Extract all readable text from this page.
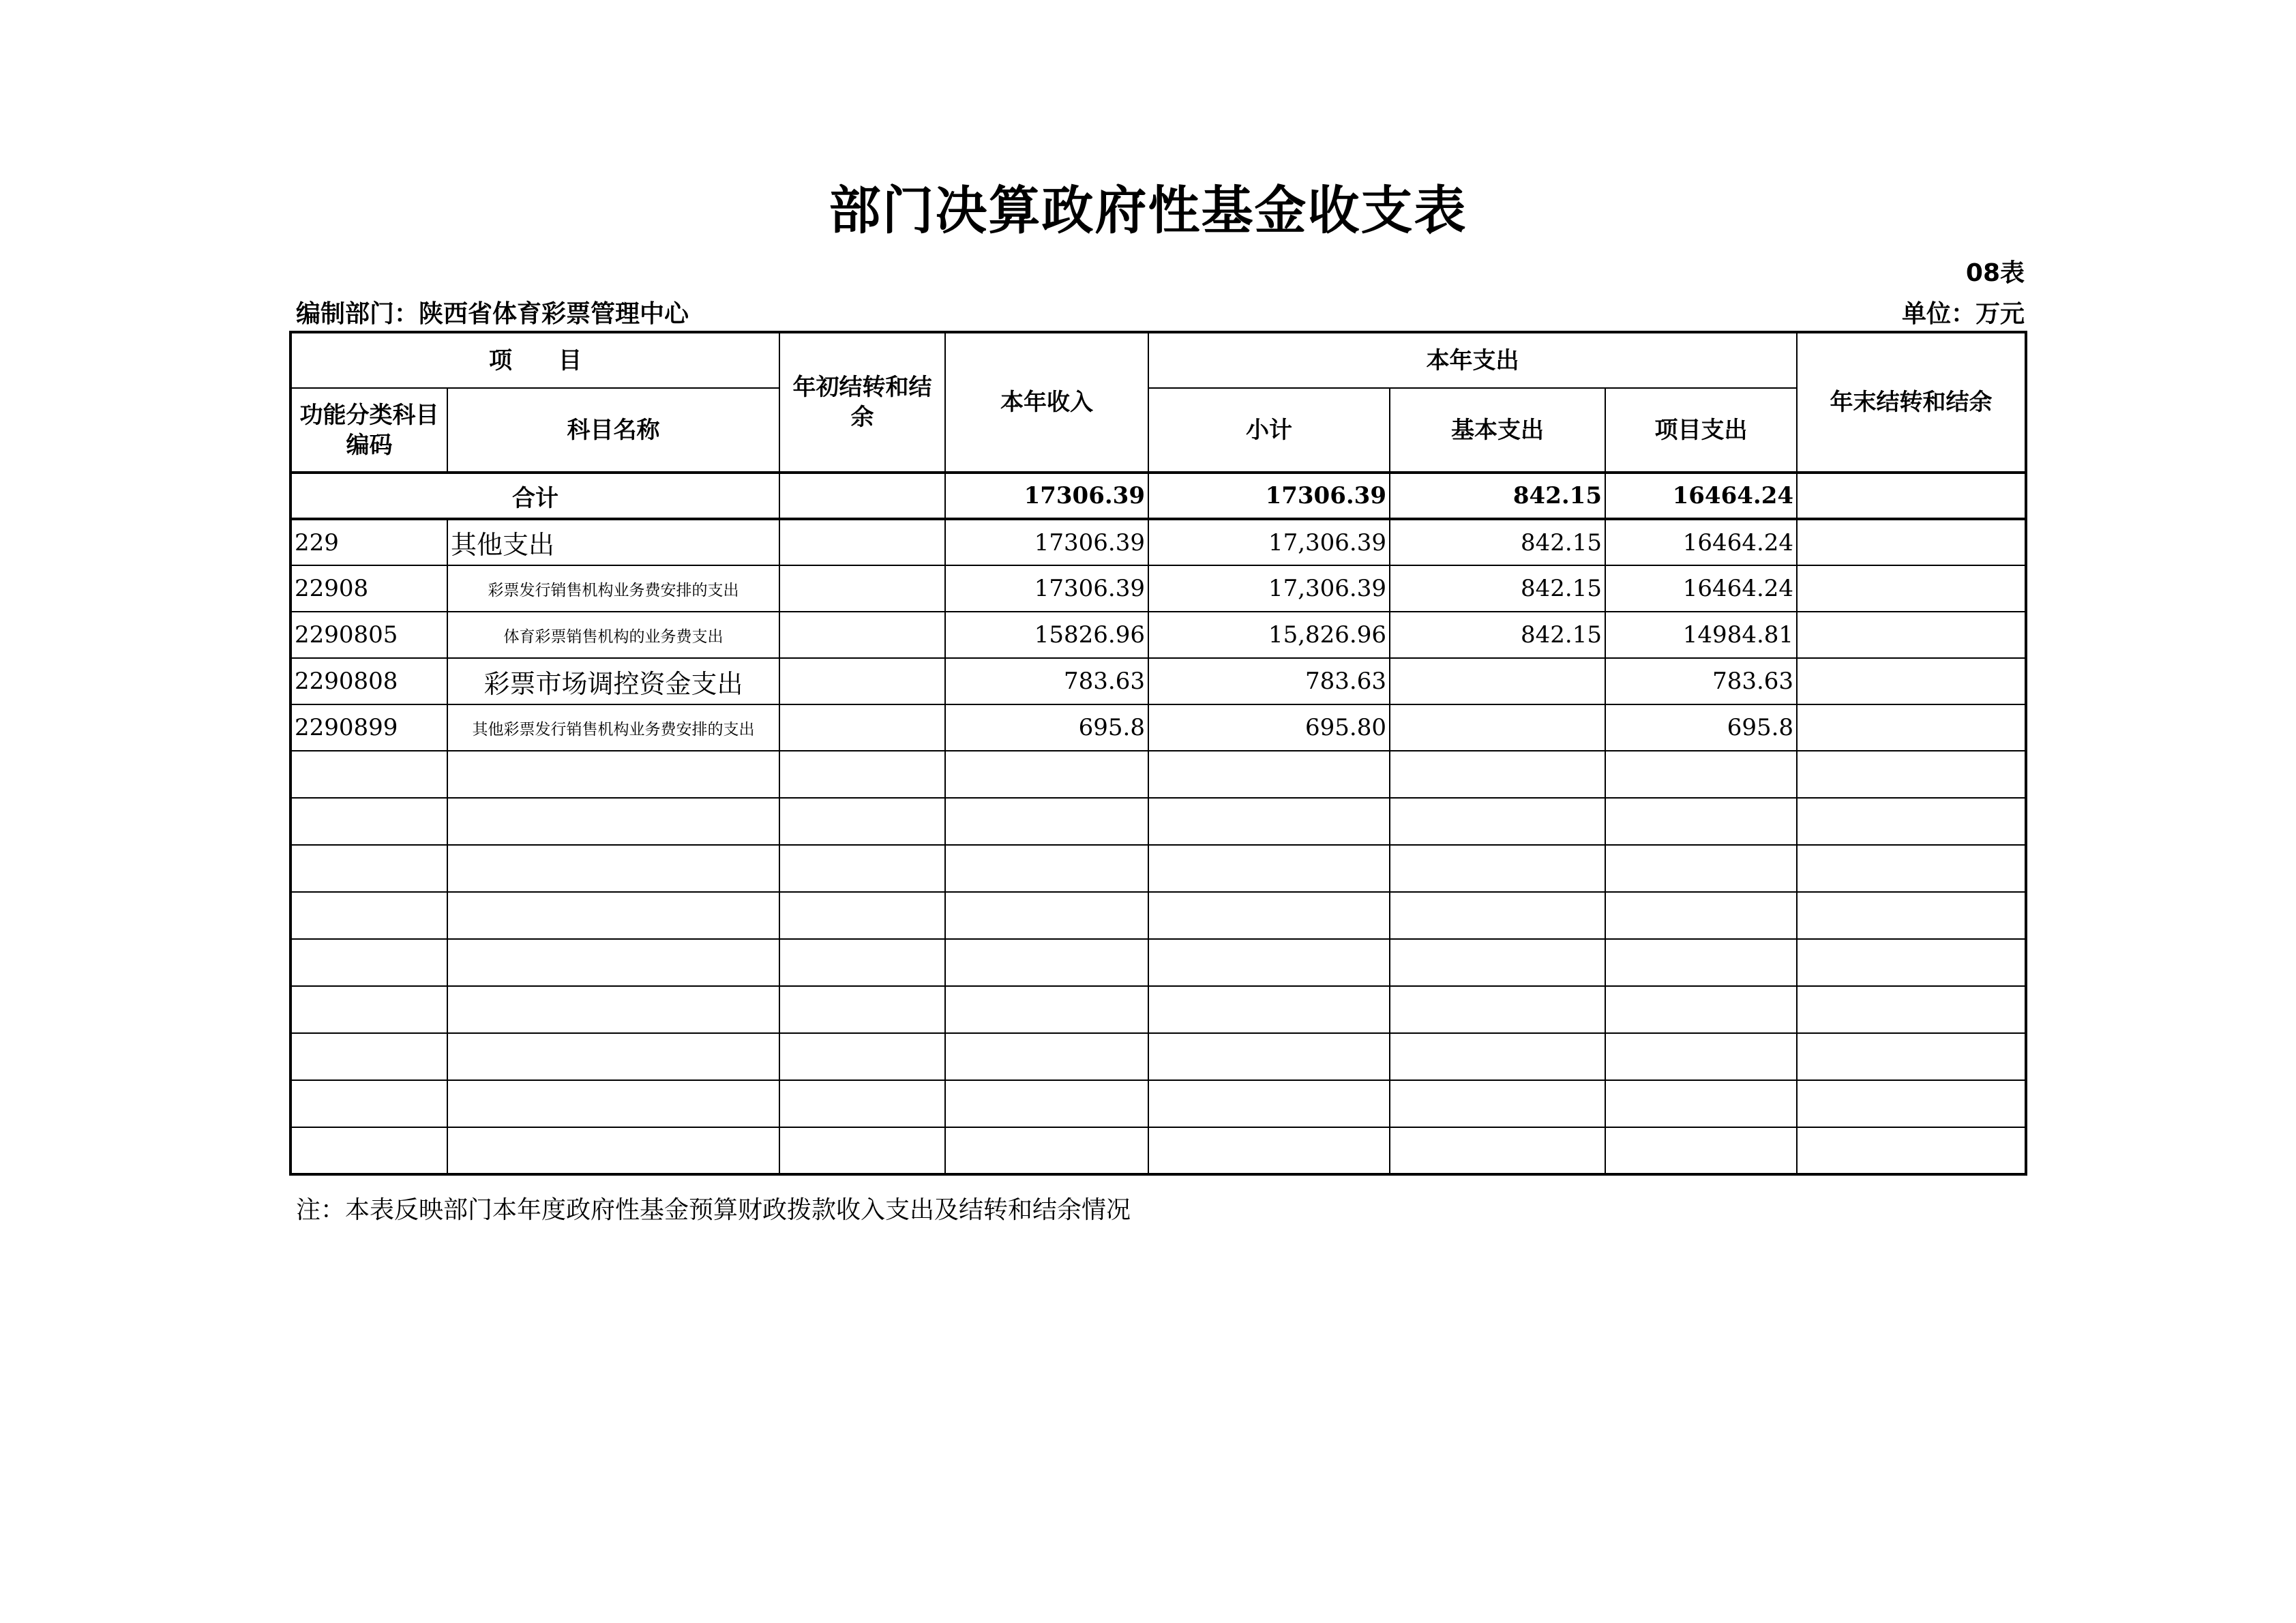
部门决算政府性基金收支表
08表
编制部门：陕西省体育彩票管理中心	单位：万元
项　　目		年初结转和结余	本年收入	本年支出			年末结转和结余
功能分类科目编码	科目名称			小计	基本支出	项目支出	
合计			17306.39	17306.39	842.15	16464.24	
229	其他支出		17306.39	17,306.39	842.15	16464.24	
22908	彩票发行销售机构业务费安排的支出		17306.39	17,306.39	842.15	16464.24	
2290805	体育彩票销售机构的业务费支出		15826.96	15,826.96	842.15	14984.81	
2290808	彩票市场调控资金支出		783.63	783.63		783.63	
2290899	其他彩票发行销售机构业务费安排的支出		695.8	695.80		695.8	

注：本表反映部门本年度政府性基金预算财政拨款收入支出及结转和结余情况
